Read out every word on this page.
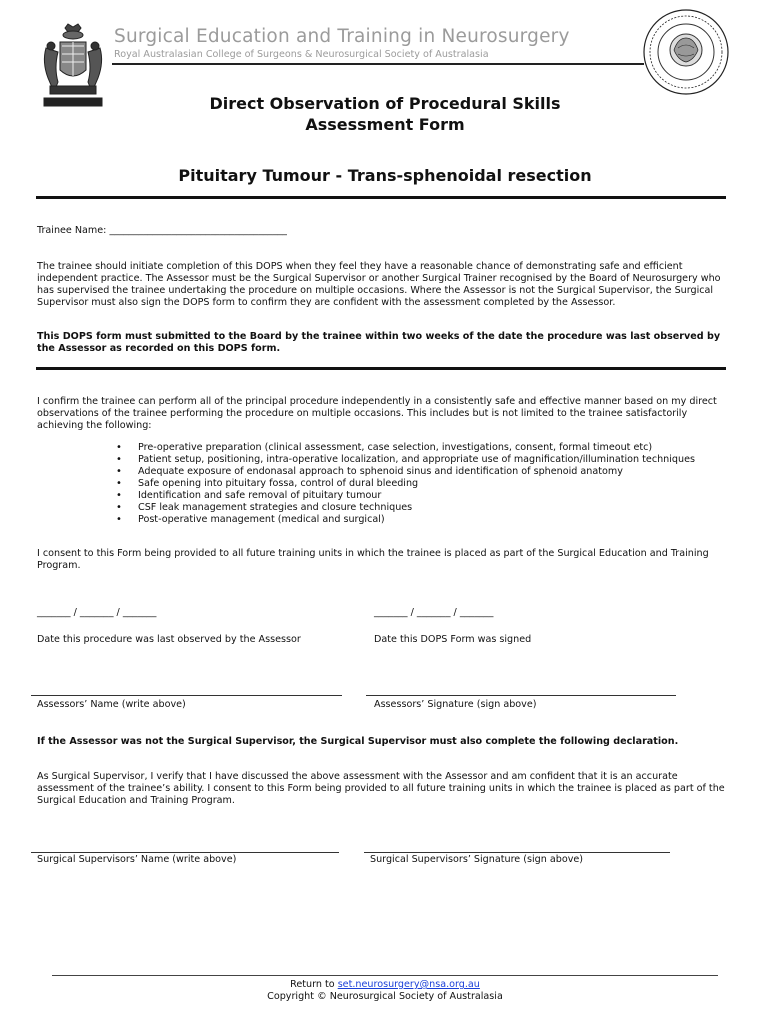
Surgical Education and Training in Neurosurgery
Royal Australasian College of Surgeons & Neurosurgical Society of Australasia
Direct Observation of Procedural Skills
Assessment Form
Pituitary Tumour - Trans-sphenoidal resection
Trainee Name: _____________________________________
The trainee should initiate completion of this DOPS when they feel they have a reasonable chance of demonstrating safe and efficient independent practice. The Assessor must be the Surgical Supervisor or another Surgical Trainer recognised by the Board of Neurosurgery who has supervised the trainee undertaking the procedure on multiple occasions. Where the Assessor is not the Surgical Supervisor, the Surgical Supervisor must also sign the DOPS form to confirm they are confident with the assessment completed by the Assessor.
This DOPS form must submitted to the Board by the trainee within two weeks of the date the procedure was last observed by the Assessor as recorded on this DOPS form.
I confirm the trainee can perform all of the principal procedure independently in a consistently safe and effective manner based on my direct observations of the trainee performing the procedure on multiple occasions. This includes but is not limited to the trainee satisfactorily achieving the following:
• Pre-operative preparation (clinical assessment, case selection, investigations, consent, formal timeout etc)
• Patient setup, positioning, intra-operative localization, and appropriate use of magnification/illumination techniques
• Adequate exposure of endonasal approach to sphenoid sinus and identification of sphenoid anatomy
• Safe opening into pituitary fossa, control of dural bleeding
• Identification and safe removal of pituitary tumour
• CSF leak management strategies and closure techniques
• Post-operative management (medical and surgical)
I consent to this Form being provided to all future training units in which the trainee is placed as part of the Surgical Education and Training Program.
_______ / _______ / _______	_______ / _______ / _______
Date this procedure was last observed by the Assessor	Date this DOPS Form was signed
Assessors’ Name (write above)	Assessors’ Signature (sign above)
If the Assessor was not the Surgical Supervisor, the Surgical Supervisor must also complete the following declaration.
As Surgical Supervisor, I verify that I have discussed the above assessment with the Assessor and am confident that it is an accurate assessment of the trainee’s ability. I consent to this Form being provided to all future training units in which the trainee is placed as part of the Surgical Education and Training Program.
Surgical Supervisors’ Name (write above)	Surgical Supervisors’ Signature (sign above)
Return to set.neurosurgery@nsa.org.au
Copyright © Neurosurgical Society of Australasia
